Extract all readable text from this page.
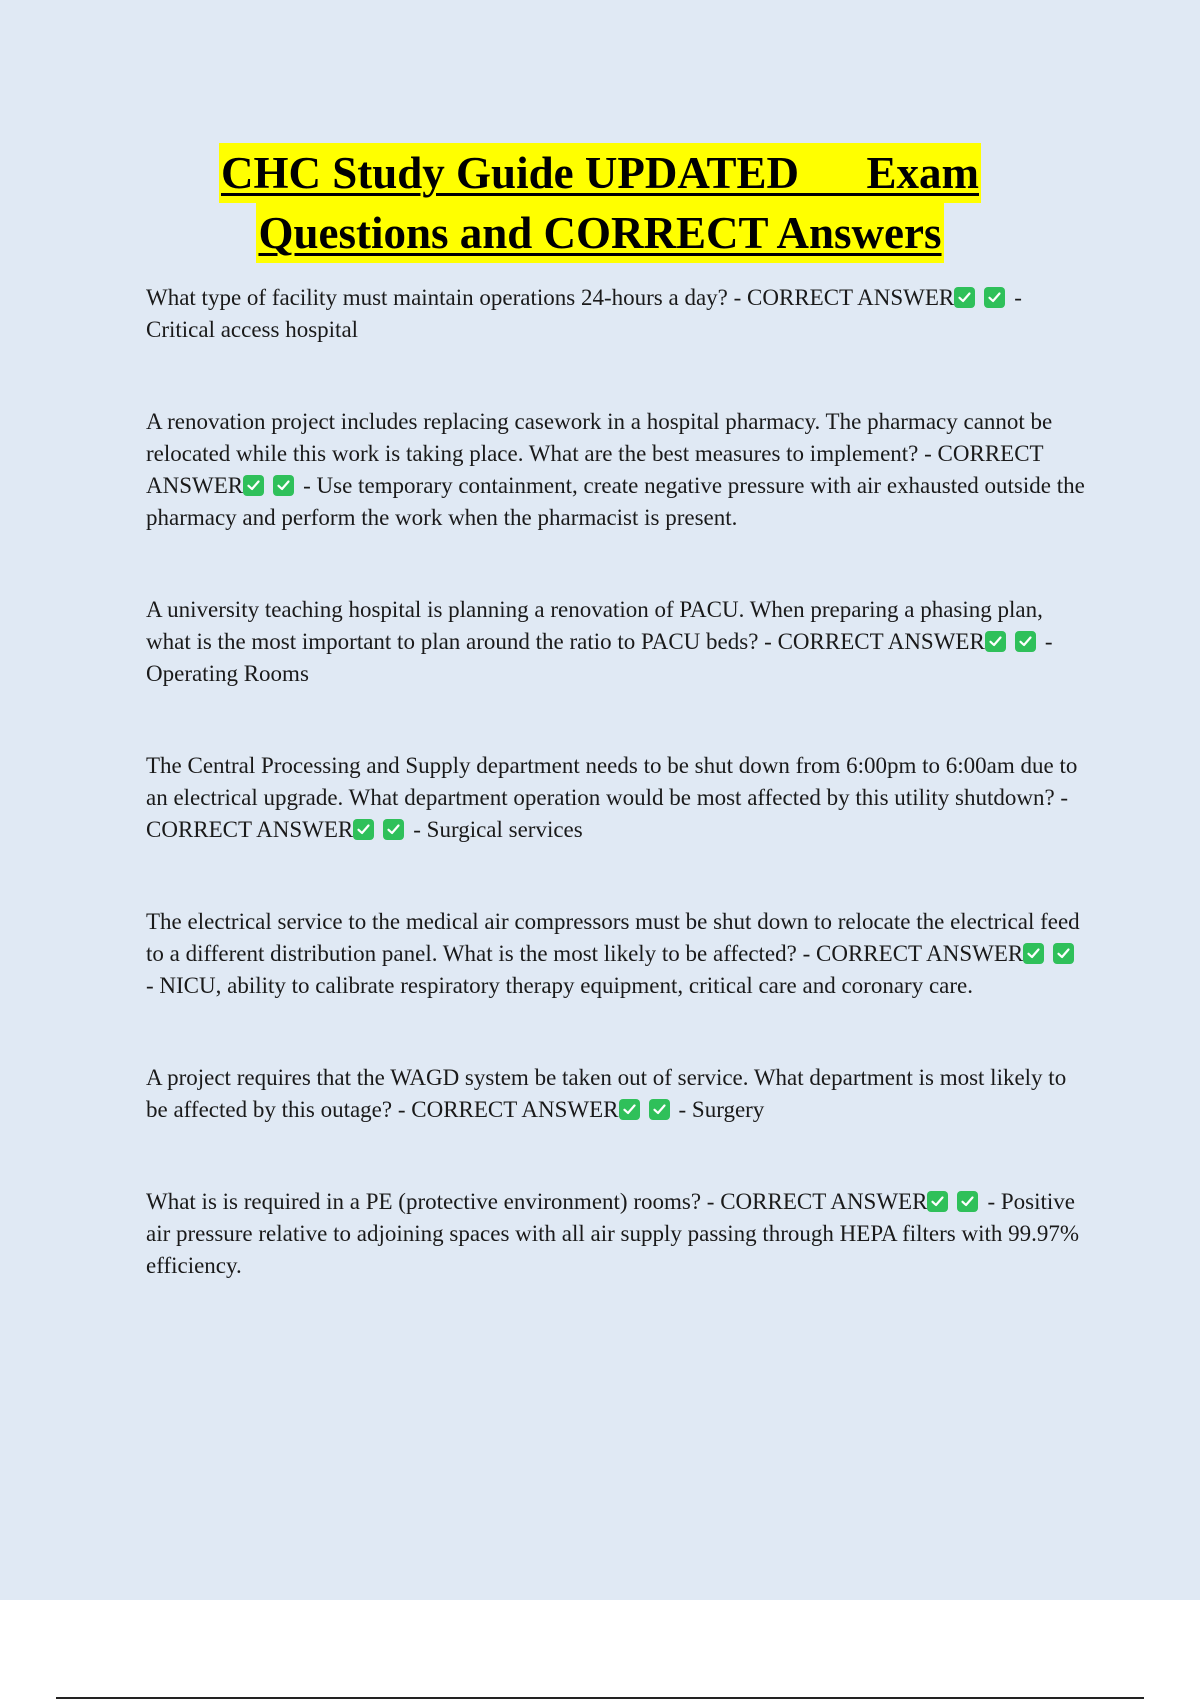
CHC Study Guide UPDATED      Exam
Questions and CORRECT Answers

What type of facility must maintain operations 24-hours a day? - CORRECT ANSWER	- Critical access hospital

A renovation project includes replacing casework in a hospital pharmacy. The pharmacy cannot be relocated while this work is taking place. What are the best measures to implement? - CORRECT ANSWER	- Use temporary containment, create negative pressure with air exhausted outside the pharmacy and perform the work when the pharmacist is present.

A university teaching hospital is planning a renovation of PACU. When preparing a phasing plan, what is the most important to plan around the ratio to PACU beds? - CORRECT ANSWER	- Operating Rooms

The Central Processing and Supply department needs to be shut down from 6:00pm to 6:00am due to an electrical upgrade. What department operation would be most affected by this utility shutdown? - CORRECT ANSWER	- Surgical services

The electrical service to the medical air compressors must be shut down to relocate the electrical feed to a different distribution panel. What is the most likely to be affected? - CORRECT ANSWER
- NICU, ability to calibrate respiratory therapy equipment, critical care and coronary care.

A project requires that the WAGD system be taken out of service. What department is most likely to be affected by this outage? - CORRECT ANSWER	- Surgery

What is is required in a PE (protective environment) rooms? - CORRECT ANSWER	- Positive air pressure relative to adjoining spaces with all air supply passing through HEPA filters with 99.97% efficiency.
